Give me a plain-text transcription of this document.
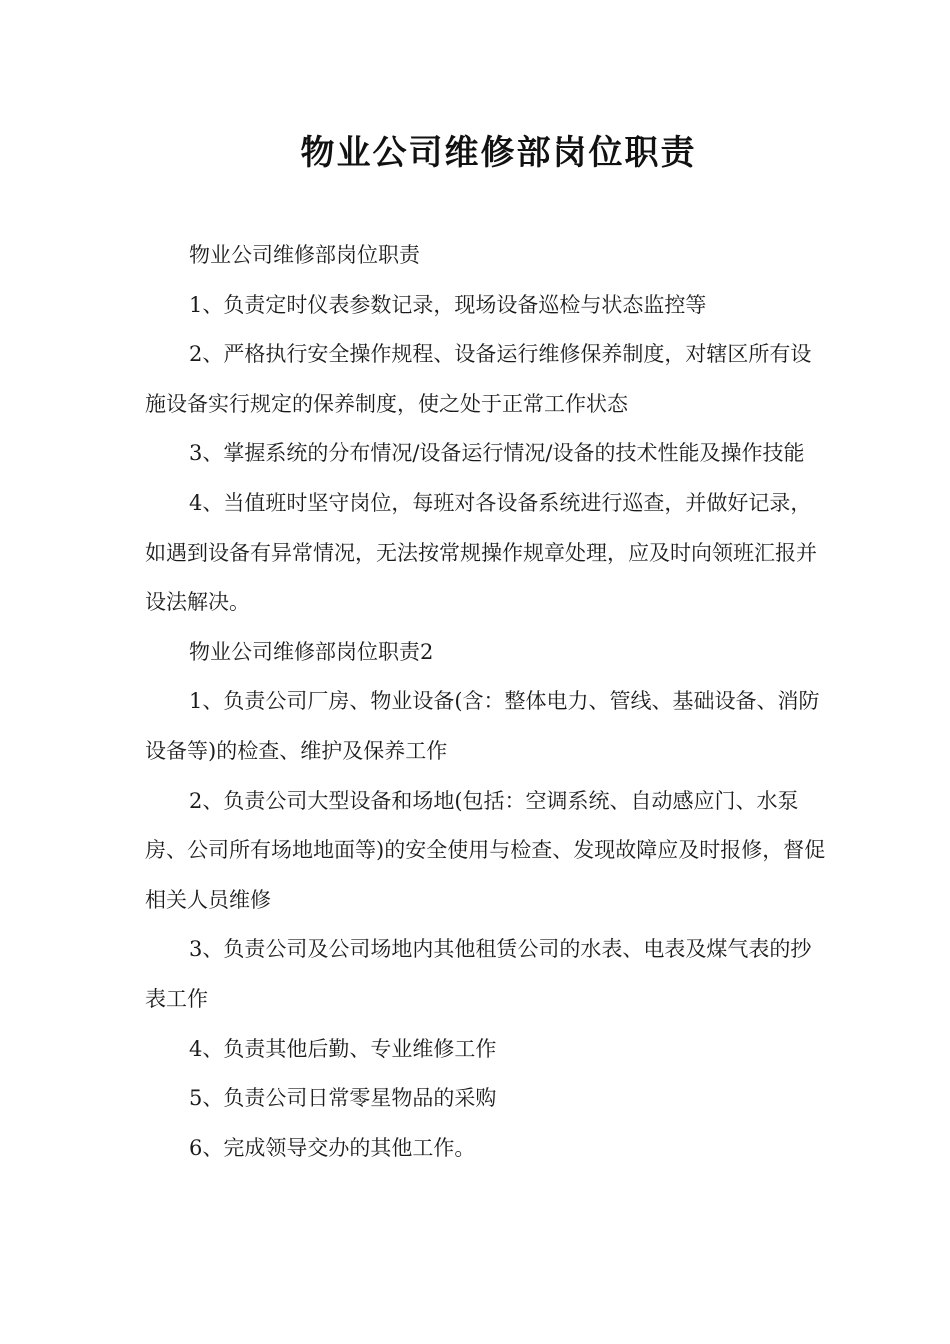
物业公司维修部岗位职责

物业公司维修部岗位职责

1、负责定时仪表参数记录，现场设备巡检与状态监控等

2、严格执行安全操作规程、设备运行维修保养制度，对辖区所有设施设备实行规定的保养制度，使之处于正常工作状态

3、掌握系统的分布情况/设备运行情况/设备的技术性能及操作技能

4、当值班时坚守岗位，每班对各设备系统进行巡查，并做好记录，如遇到设备有异常情况，无法按常规操作规章处理，应及时向领班汇报并设法解决。

物业公司维修部岗位职责2

1、负责公司厂房、物业设备(含：整体电力、管线、基础设备、消防设备等)的检查、维护及保养工作

2、负责公司大型设备和场地(包括：空调系统、自动感应门、水泵房、公司所有场地地面等)的安全使用与检查、发现故障应及时报修，督促相关人员维修

3、负责公司及公司场地内其他租赁公司的水表、电表及煤气表的抄表工作

4、负责其他后勤、专业维修工作

5、负责公司日常零星物品的采购

6、完成领导交办的其他工作。
